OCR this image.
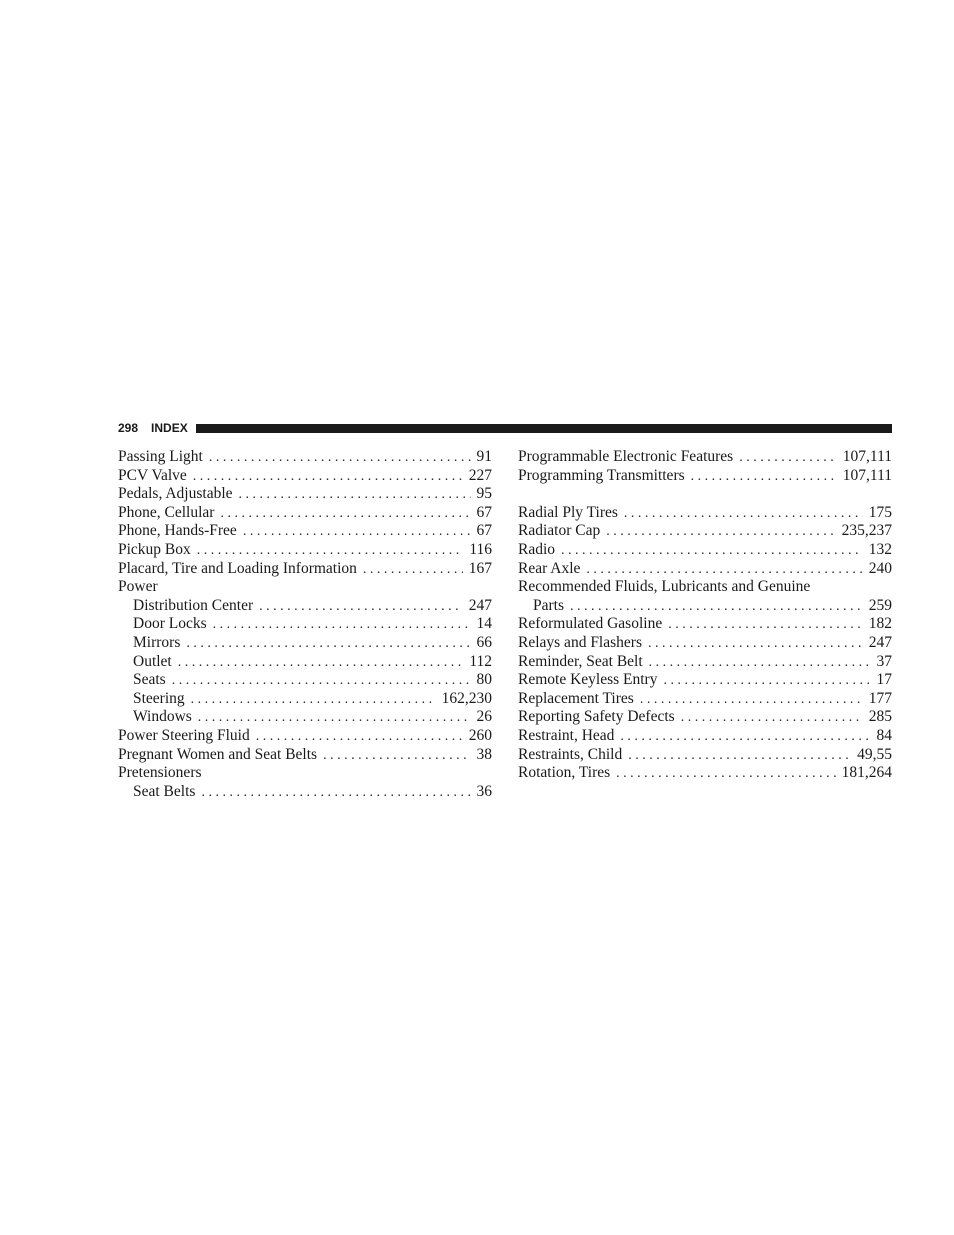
298 INDEX
Passing Light . . .	91
PCV Valve . . .	227
Pedals, Adjustable . . .	95
Phone, Cellular . . .	67
Phone, Hands-Free . . .	67
Pickup Box . . .	116
Placard, Tire and Loading Information . . .	167
Power
Distribution Center . . .	247
Door Locks . . .	14
Mirrors . . .	66
Outlet . . .	112
Seats . . .	80
Steering . . .	162,230
Windows . . .	26
Power Steering Fluid . . .	260
Pregnant Women and Seat Belts . . .	38
Pretensioners
Seat Belts . . .	36
Programmable Electronic Features . . .	107,111
Programming Transmitters . . .	107,111
Radial Ply Tires . . .	175
Radiator Cap . . .	235,237
Radio . . .	132
Rear Axle . . .	240
Recommended Fluids, Lubricants and Genuine
Parts . . .	259
Reformulated Gasoline . . .	182
Relays and Flashers . . .	247
Reminder, Seat Belt . . .	37
Remote Keyless Entry . . .	17
Replacement Tires . . .	177
Reporting Safety Defects . . .	285
Restraint, Head . . .	84
Restraints, Child . . .	49,55
Rotation, Tires . . .	181,264
